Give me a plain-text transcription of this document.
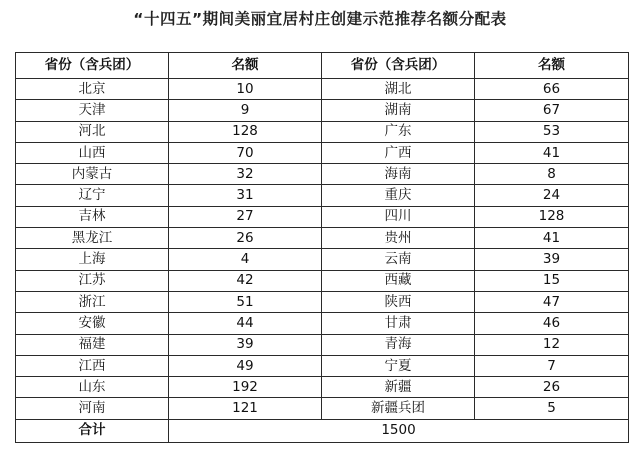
“十四五”期间美丽宜居村庄创建示范推荐名额分配表
省份（含兵团）	名额	省份（含兵团）	名额
北京	10	湖北	66
天津	9	湖南	67
河北	128	广东	53
山西	70	广西	41
内蒙古	32	海南	8
辽宁	31	重庆	24
吉林	27	四川	128
黑龙江	26	贵州	41
上海	4	云南	39
江苏	42	西藏	15
浙江	51	陕西	47
安徽	44	甘肃	46
福建	39	青海	12
江西	49	宁夏	7
山东	192	新疆	26
河南	121	新疆兵团	5
合计	1500		
